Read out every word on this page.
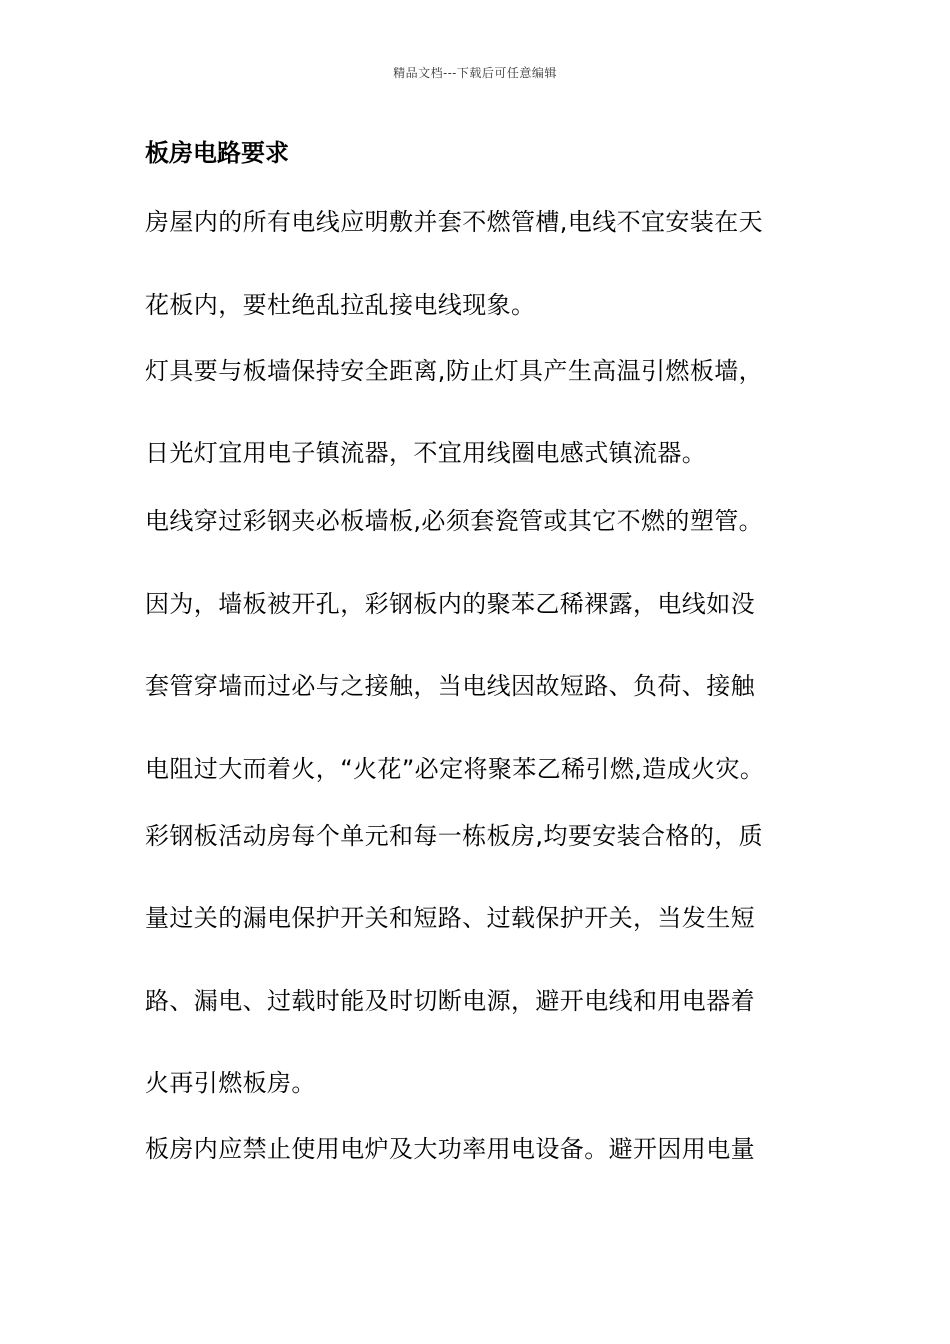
精品文档---下载后可任意编辑
板房电路要求
房屋内的所有电线应明敷并套不燃管槽,电线不宜安装在天
花板内，要杜绝乱拉乱接电线现象。
灯具要与板墙保持安全距离,防止灯具产生高温引燃板墙，
日光灯宜用电子镇流器，不宜用线圈电感式镇流器。
电线穿过彩钢夹必板墙板,必须套瓷管或其它不燃的塑管。
因为，墙板被开孔，彩钢板内的聚苯乙稀裸露，电线如没
套管穿墙而过必与之接触，当电线因故短路、负荷、接触
电阻过大而着火，“火花”必定将聚苯乙稀引燃,造成火灾。
彩钢板活动房每个单元和每一栋板房,均要安装合格的，质
量过关的漏电保护开关和短路、过载保护开关，当发生短
路、漏电、过载时能及时切断电源，避开电线和用电器着
火再引燃板房。
板房内应禁止使用电炉及大功率用电设备。避开因用电量
